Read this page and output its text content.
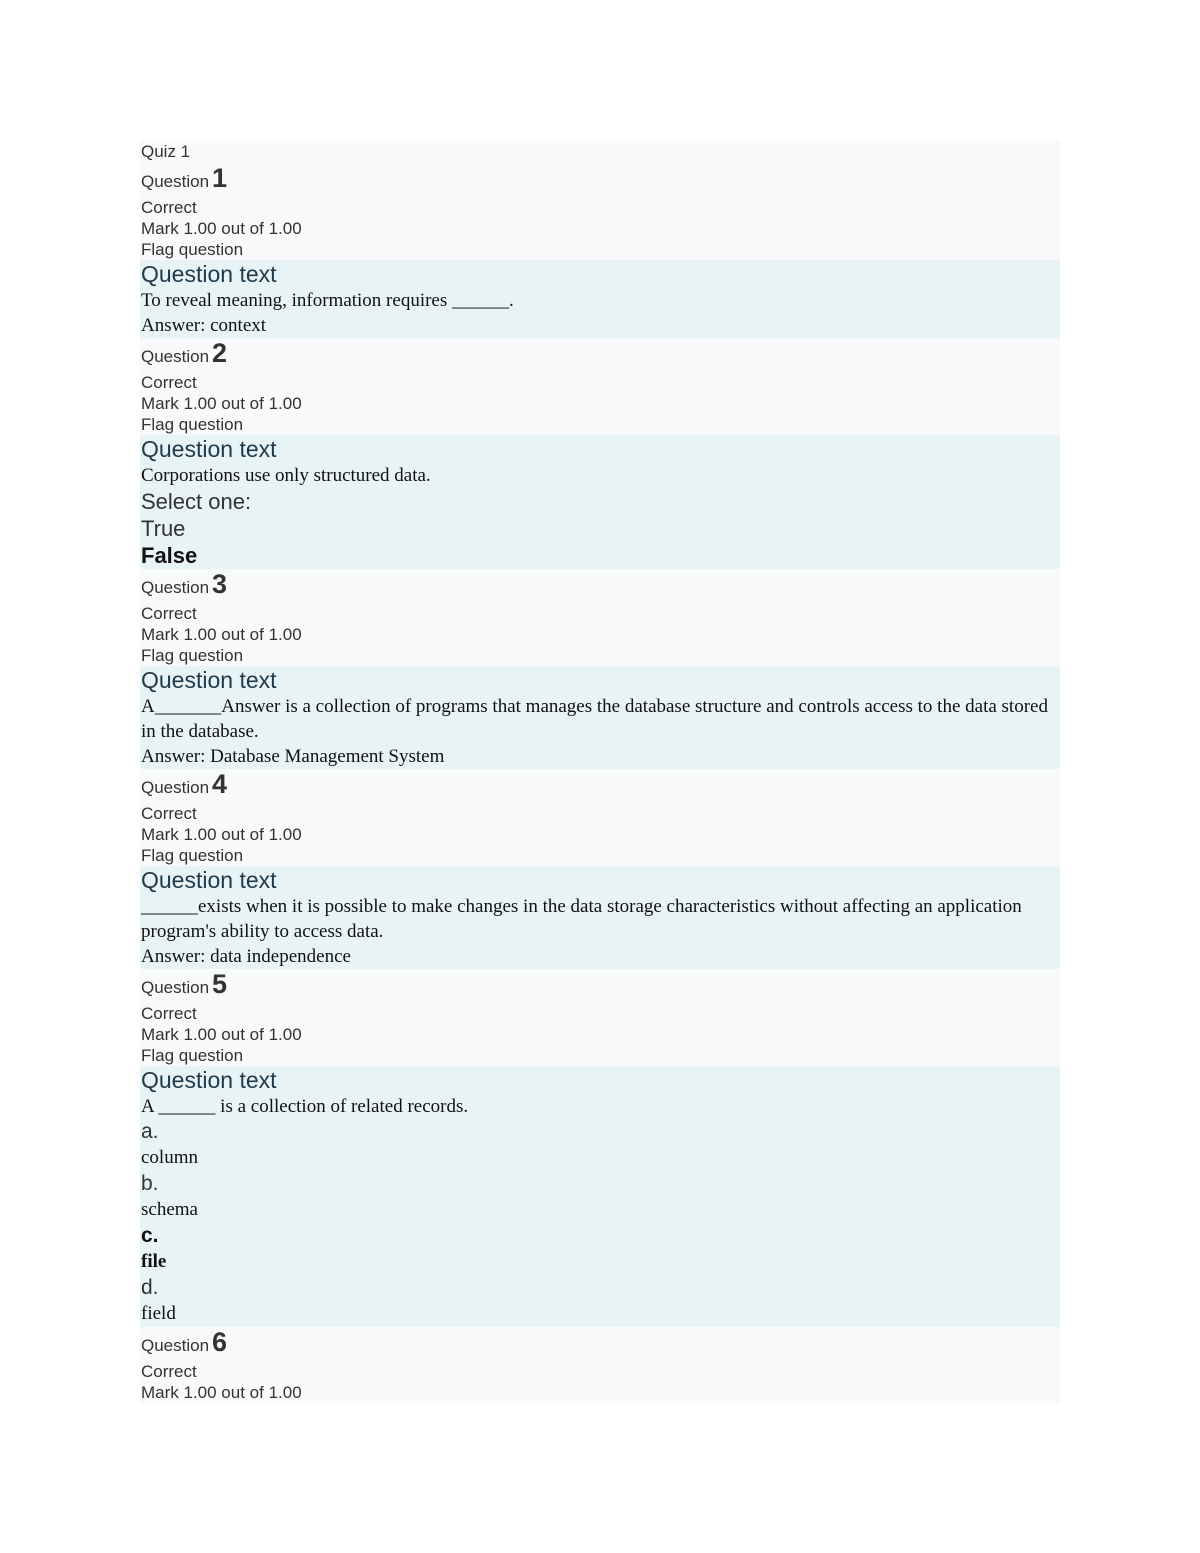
Quiz 1
Question 1
Correct
Mark 1.00 out of 1.00
Flag question
Question text
To reveal meaning, information requires ______.
Answer: context
Question 2
Correct
Mark 1.00 out of 1.00
Flag question
Question text
Corporations use only structured data.
Select one:
True
False
Question 3
Correct
Mark 1.00 out of 1.00
Flag question
Question text
A_______Answer is a collection of programs that manages the database structure and controls access to the data stored in the database.
Answer: Database Management System
Question 4
Correct
Mark 1.00 out of 1.00
Flag question
Question text
______exists when it is possible to make changes in the data storage characteristics without affecting an application program's ability to access data.
Answer: data independence
Question 5
Correct
Mark 1.00 out of 1.00
Flag question
Question text
A ______ is a collection of related records.
a.
column
b.
schema
c.
file
d.
field
Question 6
Correct
Mark 1.00 out of 1.00
